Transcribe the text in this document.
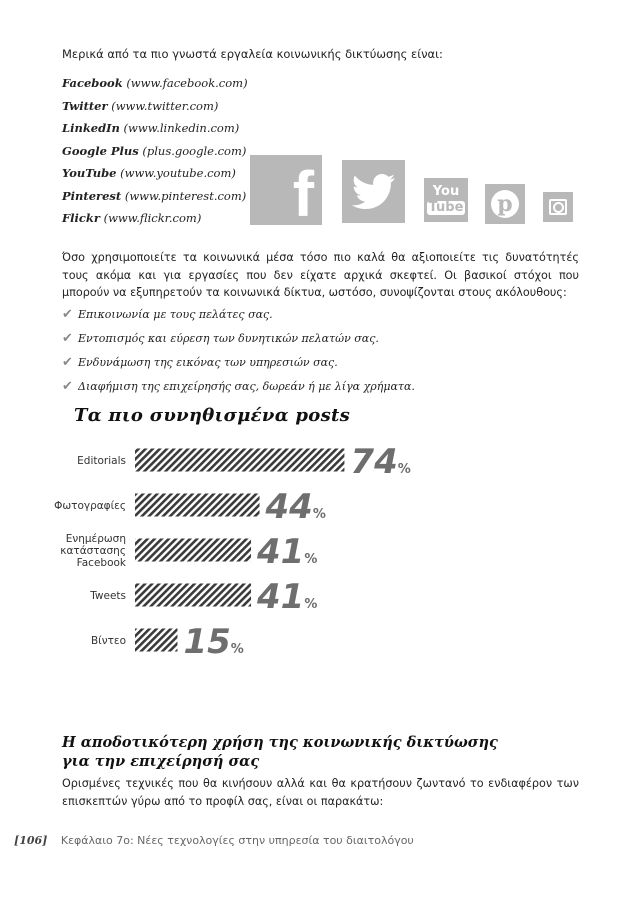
Μερικά από τα πιο γνωστά εργαλεία κοινωνικής δικτύωσης είναι:
Facebook (www.facebook.com)
Twitter (www.twitter.com)
LinkedIn (www.linkedin.com)
Google Plus (plus.google.com)
YouTube (www.youtube.com)
Pinterest (www.pinterest.com)
Flickr (www.flickr.com)	f	You
Tube p

Όσο χρησιμοποιείτε τα κοινωνικά μέσα τόσο πιο καλά θα αξιοποιείτε τις δυνατότητές τους ακόμα και για εργασίες που δεν είχατε αρχικά σκεφτεί. Οι βασικοί στόχοι που μπορούν να εξυπηρετούν τα κοινωνικά δίκτυα, ωστόσο, συνοψίζονται στους ακόλουθους:

✔ Επικοινωνία με τους πελάτες σας.
✔ Εντοπισμός και εύρεση των δυνητικών πελατών σας.
✔ Ενδυνάμωση της εικόνας των υπηρεσιών σας.
✔ Διαφήμιση της επιχείρησής σας, δωρεάν ή με λίγα χρήματα.
Τα πιο συνηθισμένα posts
Editorials	74%
Φωτογραφίες	44%
Ενημέρωση κατάστασης Facebook	41%
Tweets	41%
Βίντεο 15%
Η αποδοτικότερη χρήση της κοινωνικής δικτύωσης
για την επιχείρησή σας

Ορισμένες τεχνικές που θα κινήσουν αλλά και θα κρατήσουν ζωντανό το ενδιαφέρον των επισκεπτών γύρω από το προφίλ σας, είναι οι παρακάτω:

[106] Κεφάλαιο 7ο: Νέες τεχνολογίες στην υπηρεσία του διαιτολόγου
